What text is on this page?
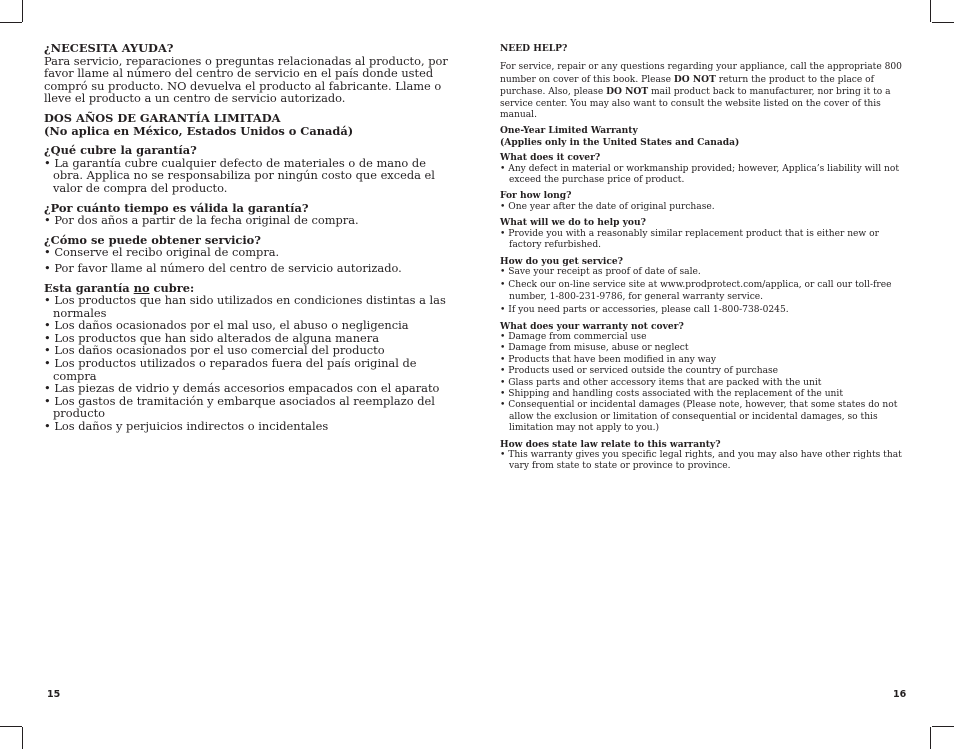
¿NECESITA AYUDA?

Para servicio, reparaciones o preguntas relacionadas al producto, por favor llame al número del centro de servicio en el país donde usted compró su producto. NO devuelva el producto al fabricante. Llame o lleve el producto a un centro de servicio autorizado.

DOS AÑOS DE GARANTÍA LIMITADA

(No aplica en México, Estados Unidos o Canadá)

¿Qué cubre la garantía?

• La garantía cubre cualquier defecto de materiales o de mano de obra. Applica no se responsabiliza por ningún costo que exceda el valor de compra del producto.

¿Por cuánto tiempo es válida la garantía?

• Por dos años a partir de la fecha original de compra.

¿Cómo se puede obtener servicio?

• Conserve el recibo original de compra.

• Por favor llame al número del centro de servicio autorizado.

Esta garantía no cubre:

• Los productos que han sido utilizados en condiciones distintas a las normales

• Los daños ocasionados por el mal uso, el abuso o negligencia

• Los productos que han sido alterados de alguna manera

• Los daños ocasionados por el uso comercial del producto

• Los productos utilizados o reparados fuera del país original de compra

• Las piezas de vidrio y demás accesorios empacados con el aparato

• Los gastos de tramitación y embarque asociados al reemplazo del producto

• Los daños y perjuicios indirectos o incidentales

15

NEED HELP?

For service, repair or any questions regarding your appliance, call the appropriate 800 number on cover of this book. Please DO NOT return the product to the place of purchase. Also, please DO NOT mail product back to manufacturer, nor bring it to a service center. You may also want to consult the website listed on the cover of this manual.

One-Year Limited Warranty

(Applies only in the United States and Canada)

What does it cover?

• Any defect in material or workmanship provided; however, Applica’s liability will not exceed the purchase price of product.

For how long?

• One year after the date of original purchase.

What will we do to help you?

• Provide you with a reasonably similar replacement product that is either new or factory refurbished.

How do you get service?

• Save your receipt as proof of date of sale.

• Check our on-line service site at www.prodprotect.com/applica, or call our toll-free number, 1-800-231-9786, for general warranty service.

• If you need parts or accessories, please call 1-800-738-0245.

What does your warranty not cover?

• Damage from commercial use

• Damage from misuse, abuse or neglect

• Products that have been modified in any way

• Products used or serviced outside the country of purchase

• Glass parts and other accessory items that are packed with the unit

• Shipping and handling costs associated with the replacement of the unit

• Consequential or incidental damages (Please note, however, that some states do not allow the exclusion or limitation of consequential or incidental damages, so this limitation may not apply to you.)

How does state law relate to this warranty?

• This warranty gives you specific legal rights, and you may also have other rights that vary from state to state or province to province.

16
